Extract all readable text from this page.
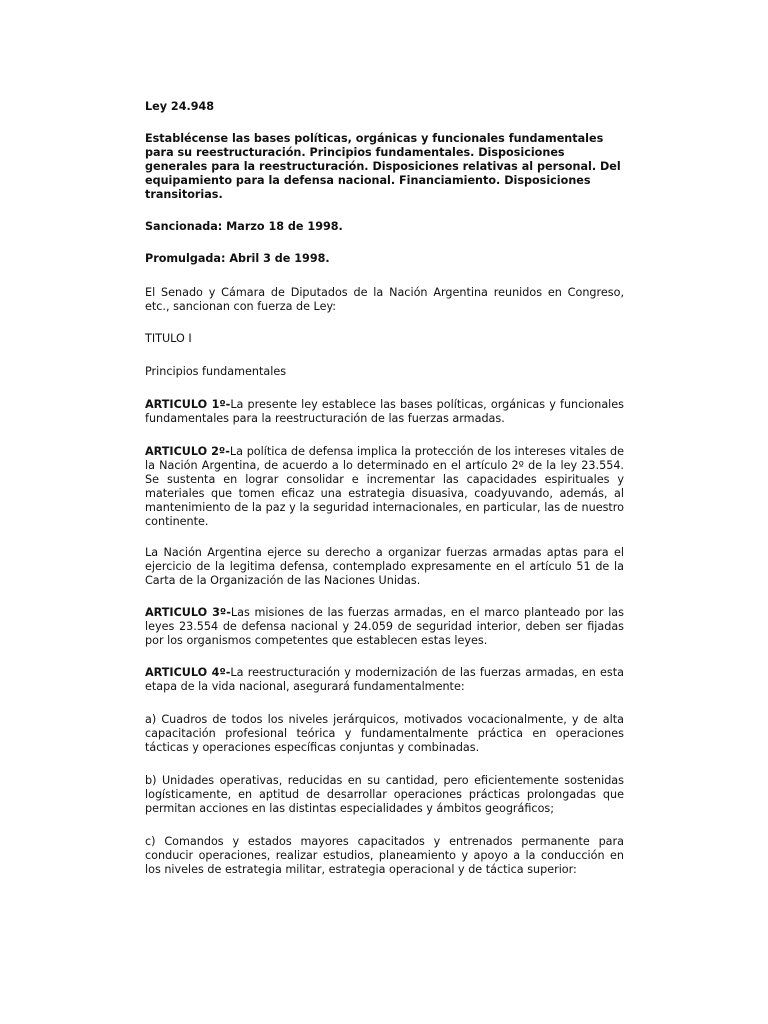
Ley 24.948

Establécense las bases políticas, orgánicas y funcionales fundamentales para su reestructuración. Principios fundamentales. Disposiciones generales para la reestructuración. Disposiciones relativas al personal. Del equipamiento para la defensa nacional. Financiamiento. Disposiciones transitorias.

Sancionada: Marzo 18 de 1998.

Promulgada: Abril 3 de 1998.

El Senado y Cámara de Diputados de la Nación Argentina reunidos en Congreso, etc., sancionan con fuerza de Ley:

TITULO I

Principios fundamentales

ARTICULO 1º-La presente ley establece las bases políticas, orgánicas y funcionales fundamentales para la reestructuración de las fuerzas armadas.

ARTICULO 2º-La política de defensa implica la protección de los intereses vitales de la Nación Argentina, de acuerdo a lo determinado en el artículo 2º de la ley 23.554. Se sustenta en lograr consolidar e incrementar las capacidades espirituales y materiales que tomen eficaz una estrategia disuasiva, coadyuvando, además, al mantenimiento de la paz y la seguridad internacionales, en particular, las de nuestro continente.

La Nación Argentina ejerce su derecho a organizar fuerzas armadas aptas para el ejercicio de la legitima defensa, contemplado expresamente en el artículo 51 de la Carta de la Organización de las Naciones Unidas.

ARTICULO 3º-Las misiones de las fuerzas armadas, en el marco planteado por las leyes 23.554 de defensa nacional y 24.059 de seguridad interior, deben ser fijadas por los organismos competentes que establecen estas leyes.

ARTICULO 4º-La reestructuración y modernización de las fuerzas armadas, en esta etapa de la vida nacional, asegurará fundamentalmente:

a) Cuadros de todos los niveles jerárquicos, motivados vocacionalmente, y de alta capacitación profesional teórica y fundamentalmente práctica en operaciones tácticas y operaciones específicas conjuntas y combinadas.

b) Unidades operativas, reducidas en su cantidad, pero eficientemente sostenidas logísticamente, en aptitud de desarrollar operaciones prácticas prolongadas que permitan acciones en las distintas especialidades y ámbitos geográficos;

c) Comandos y estados mayores capacitados y entrenados permanente para conducir operaciones, realizar estudios, planeamiento y apoyo a la conducción en los niveles de estrategia militar, estrategia operacional y de táctica superior:
